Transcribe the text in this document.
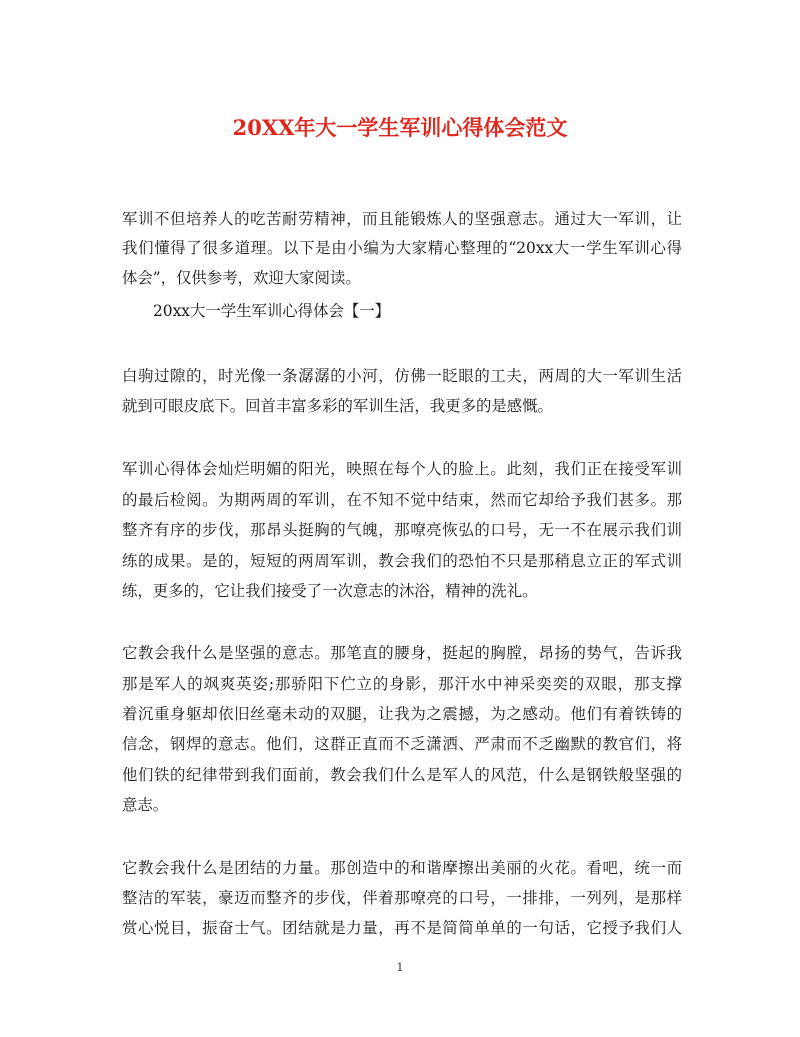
20XX年大一学生军训心得体会范文
军训不但培养人的吃苦耐劳精神，而且能锻炼人的坚强意志。通过大一军训，让
我们懂得了很多道理。以下是由小编为大家精心整理的“20xx大一学生军训心得
体会”，仅供参考，欢迎大家阅读。
20xx大一学生军训心得体会【一】
白驹过隙的，时光像一条潺潺的小河，仿佛一眨眼的工夫，两周的大一军训生活
就到可眼皮底下。回首丰富多彩的军训生活，我更多的是感慨。
军训心得体会灿烂明媚的阳光，映照在每个人的脸上。此刻，我们正在接受军训
的最后检阅。为期两周的军训，在不知不觉中结束，然而它却给予我们甚多。那
整齐有序的步伐，那昂头挺胸的气魄，那嘹亮恢弘的口号，无一不在展示我们训
练的成果。是的，短短的两周军训，教会我们的恐怕不只是那稍息立正的军式训
练，更多的，它让我们接受了一次意志的沐浴，精神的洗礼。
它教会我什么是坚强的意志。那笔直的腰身，挺起的胸膛，昂扬的势气，告诉我
那是军人的飒爽英姿;那骄阳下伫立的身影，那汗水中神采奕奕的双眼，那支撑
着沉重身躯却依旧丝毫未动的双腿，让我为之震撼，为之感动。他们有着铁铸的
信念，钢焊的意志。他们，这群正直而不乏潇洒、严肃而不乏幽默的教官们，将
他们铁的纪律带到我们面前，教会我们什么是军人的风范，什么是钢铁般坚强的
意志。
它教会我什么是团结的力量。那创造中的和谐摩擦出美丽的火花。看吧，统一而
整洁的军装，豪迈而整齐的步伐，伴着那嘹亮的口号，一排排，一列列，是那样
赏心悦目，振奋士气。团结就是力量，再不是简简单单的一句话，它授予我们人
1
